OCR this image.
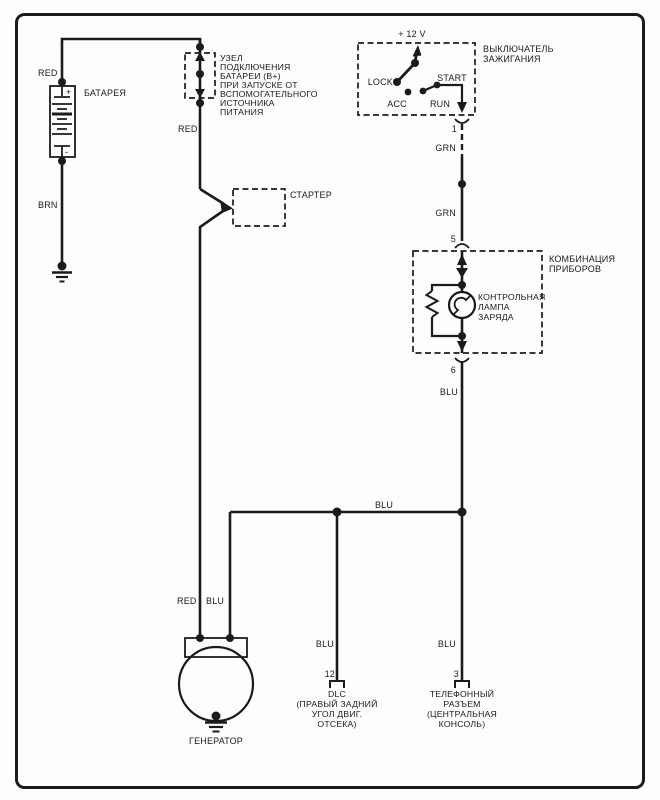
RED
+
-
БАТАРЕЯ
BRN
УЗЕЛ
ПОДКЛЮЧЕНИЯ
БАТАРЕИ (B+)
ПРИ ЗАПУСКЕ ОТ
ВСПОМОГАТЕЛЬНОГО
ИСТОЧНИКА
ПИТАНИЯ
RED
СТАРТЕР
+ 12 V
LOCK
ACC	RUN
START
ВЫКЛЮЧАТЕЛЬ
ЗАЖИГАНИЯ
1
GRN
GRN
5
КОНТРОЛЬНАЯ
ЛАМПА
ЗАРЯДА
КОМБИНАЦИЯ
ПРИБОРОВ
6
BLU
BLU
RED BLU
ГЕНЕРАТОР
BLU
12
DLC
(ПРАВЫЙ ЗАДНИЙ
УГОЛ ДВИГ.
ОТСЕКА)
BLU
3
ТЕЛЕФОННЫЙ
РАЗЪЕМ
(ЦЕНТРАЛЬНАЯ
КОНСОЛЬ)
